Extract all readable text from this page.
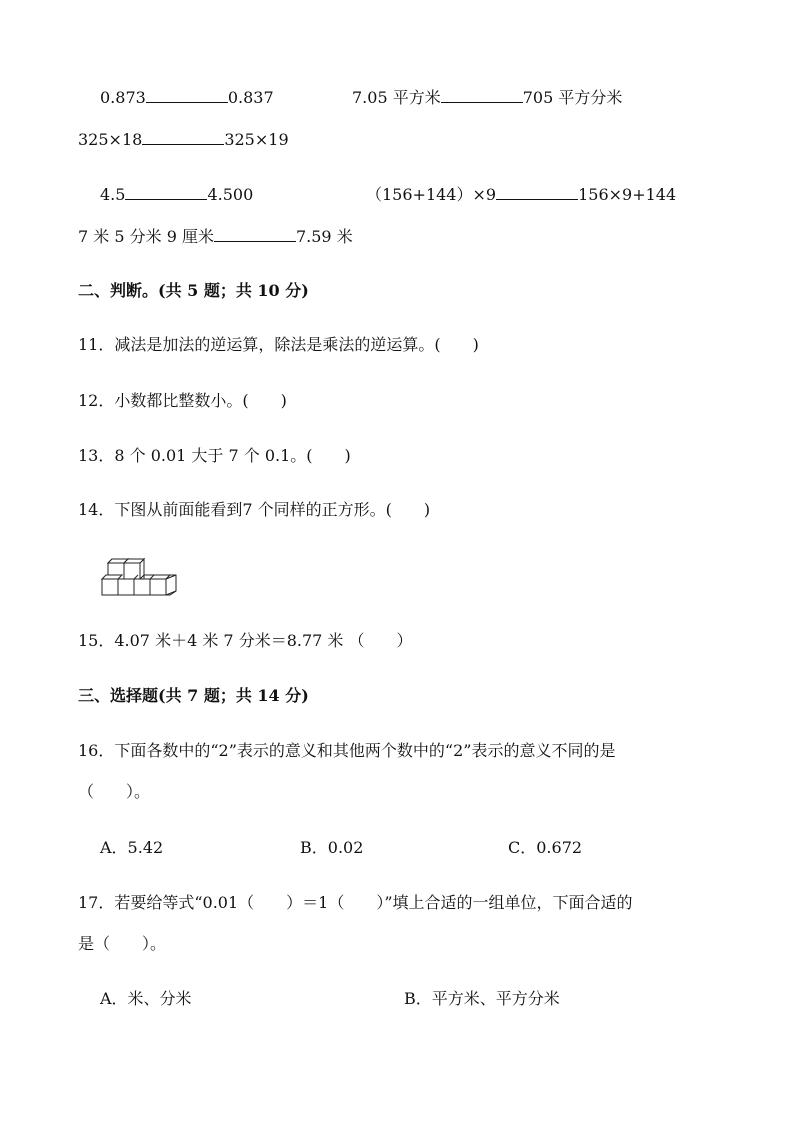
0.873	0.837	7.05 平方米	705 平方分米
325×18	325×19
4.5	4.500	（156+144）×9	156×9+144
7 米 5 分米 9 厘米	7.59 米
二、判断。(共 5 题；共 10 分)
11．减法是加法的逆运算，除法是乘法的逆运算。(　　)
12．小数都比整数小。(　　)
13．8 个 0.01 大于 7 个 0.1。(　　)
14．下图从前面能看到7 个同样的正方形。(　　)
15．4.07 米＋4 米 7 分米＝8.77 米 （　　）
三、选择题(共 7 题；共 14 分)
16．下面各数中的“2”表示的意义和其他两个数中的“2”表示的意义不同的是
（　　）。
A．5.42	B．0.02	C．0.672
17．若要给等式“0.01（　　）＝1（　　）”填上合适的一组单位，下面合适的
是（　　）。
A．米、分米	B．平方米、平方分米
